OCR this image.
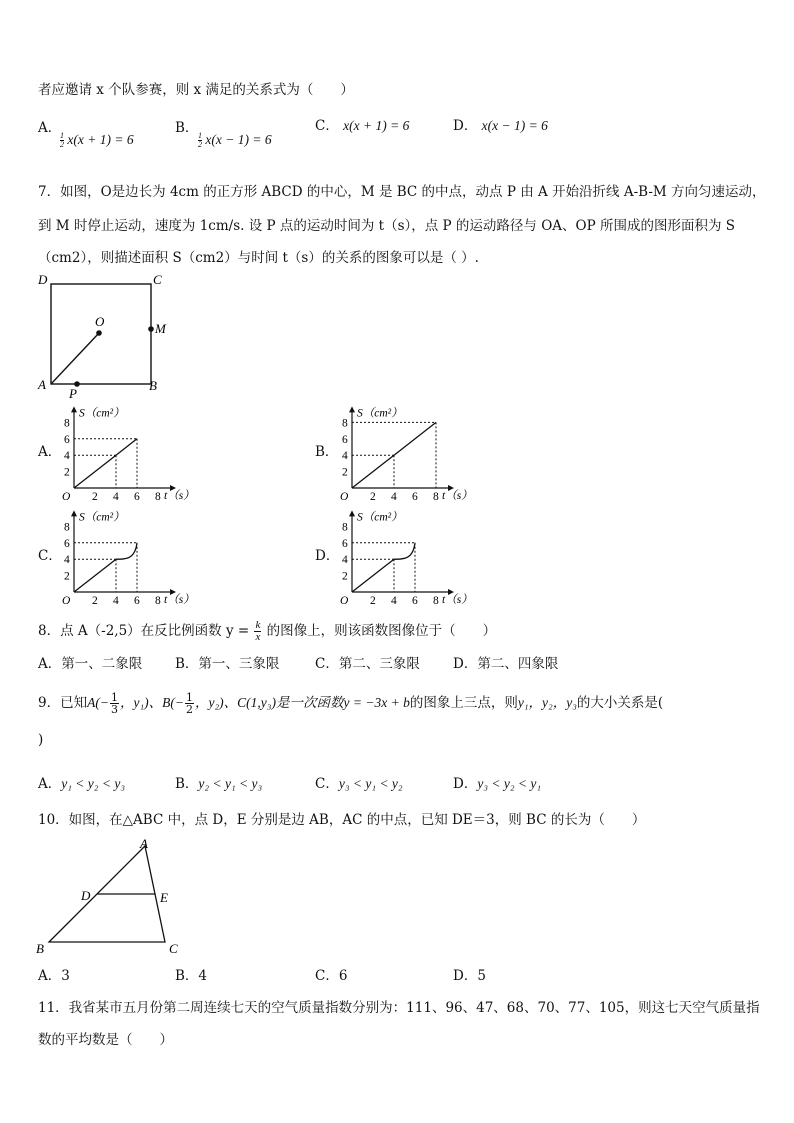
者应邀请 x 个队参赛，则 x 满足的关系式为（　　）
A．
$\frac{1}{2} x(x + 1) = 6$
B．
$\frac{1}{2} x(x - 1) = 6$
C． x(x + 1) = 6	D． x(x − 1) = 6
7．如图，O是边长为 4cm 的正方形 ABCD 的中心，M 是 BC 的中点，动点 P 由 A 开始沿折线 A-B-M 方向匀速运动，
到 M 时停止运动，速度为 1cm/s. 设 P 点的运动时间为 t（s），点 P 的运动路径与 OA、OP 所围成的图形面积为 S
（cm2），则描述面积 S（cm2）与时间 t（s）的关系的图象可以是（ ）.
D	C
A	B
O	M
P
A．	B．
C．	D．
S（cm²）
t（s）
O
2
2
4
4
6
6
8
8
S（cm²）
t（s）
O
2
2
4
4
6
6
8
8
S（cm²）
t（s）
O
2
2
4
4
6
6
8
8
S（cm²）
t（s）
O
2
2
4
4
6
6
8
8
8．点 A（-2,5）在反比例函数 $y = \frac{k}{x}$ 的图像上，则该函数图像位于（　　）
A．第一、二象限 B．第一、三象限	C．第二、三象限 D．第二、四象限
9．已知$A(- \frac{1}{3}$ ，y₁)、$B(- \frac{1}{2}$ ，y₂)、C(1,y₃)是一次函数y = −3x + b的图象上三点，则y₁，y₂，y₃的大小关系是(
)
A．y₁ < y₂ < y₃	B．y₂ < y₁ < y₃	C．y₃ < y₁ < y₂	D．y₃ < y₂ < y₁
10．如图，在△ABC 中，点 D，E 分别是边 AB，AC 的中点，已知 DE＝3，则 BC 的长为（　　）
A
B	C
D	E
A．3	B．4	C．6	D．5
11．我省某市五月份第二周连续七天的空气质量指数分别为：111、96、47、68、70、77、105，则这七天空气质量指
数的平均数是（　　）
